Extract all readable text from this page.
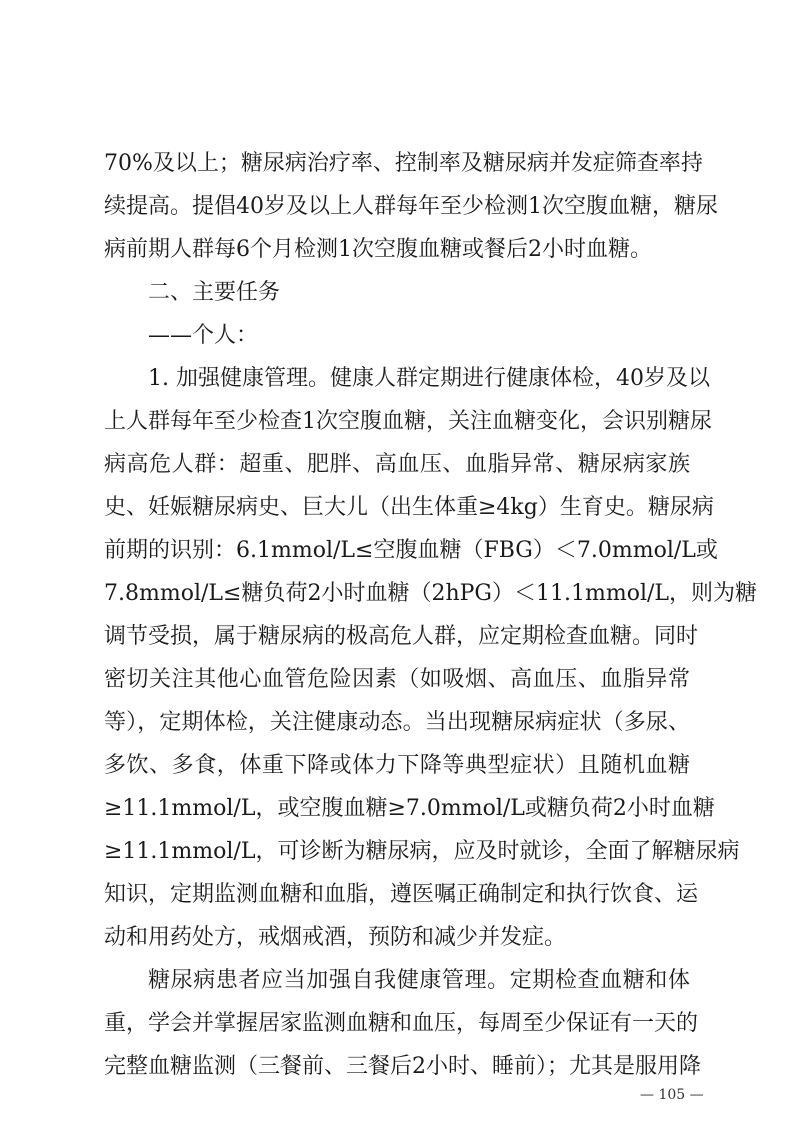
70%及以上；糖尿病治疗率、控制率及糖尿病并发症筛查率持
续提高。提倡40岁及以上人群每年至少检测1次空腹血糖，糖尿
病前期人群每6个月检测1次空腹血糖或餐后2小时血糖。
二、主要任务
——个人：
1. 加强健康管理。健康人群定期进行健康体检，40岁及以
上人群每年至少检查1次空腹血糖，关注血糖变化，会识别糖尿
病高危人群：超重、肥胖、高血压、血脂异常、糖尿病家族
史、妊娠糖尿病史、巨大儿（出生体重≥4kg）生育史。糖尿病
前期的识别：6.1mmol/L≤空腹血糖（FBG）＜7.0mmol/L或
7.8mmol/L≤糖负荷2小时血糖（2hPG）＜11.1mmol/L，则为糖
调节受损，属于糖尿病的极高危人群，应定期检查血糖。同时
密切关注其他心血管危险因素（如吸烟、高血压、血脂异常
等），定期体检，关注健康动态。当出现糖尿病症状（多尿、
多饮、多食，体重下降或体力下降等典型症状）且随机血糖
≥11.1mmol/L，或空腹血糖≥7.0mmol/L或糖负荷2小时血糖
≥11.1mmol/L，可诊断为糖尿病，应及时就诊，全面了解糖尿病
知识，定期监测血糖和血脂，遵医嘱正确制定和执行饮食、运
动和用药处方，戒烟戒酒，预防和减少并发症。
糖尿病患者应当加强自我健康管理。定期检查血糖和体
重，学会并掌握居家监测血糖和血压，每周至少保证有一天的
完整血糖监测（三餐前、三餐后2小时、睡前）；尤其是服用降
— 105 —
